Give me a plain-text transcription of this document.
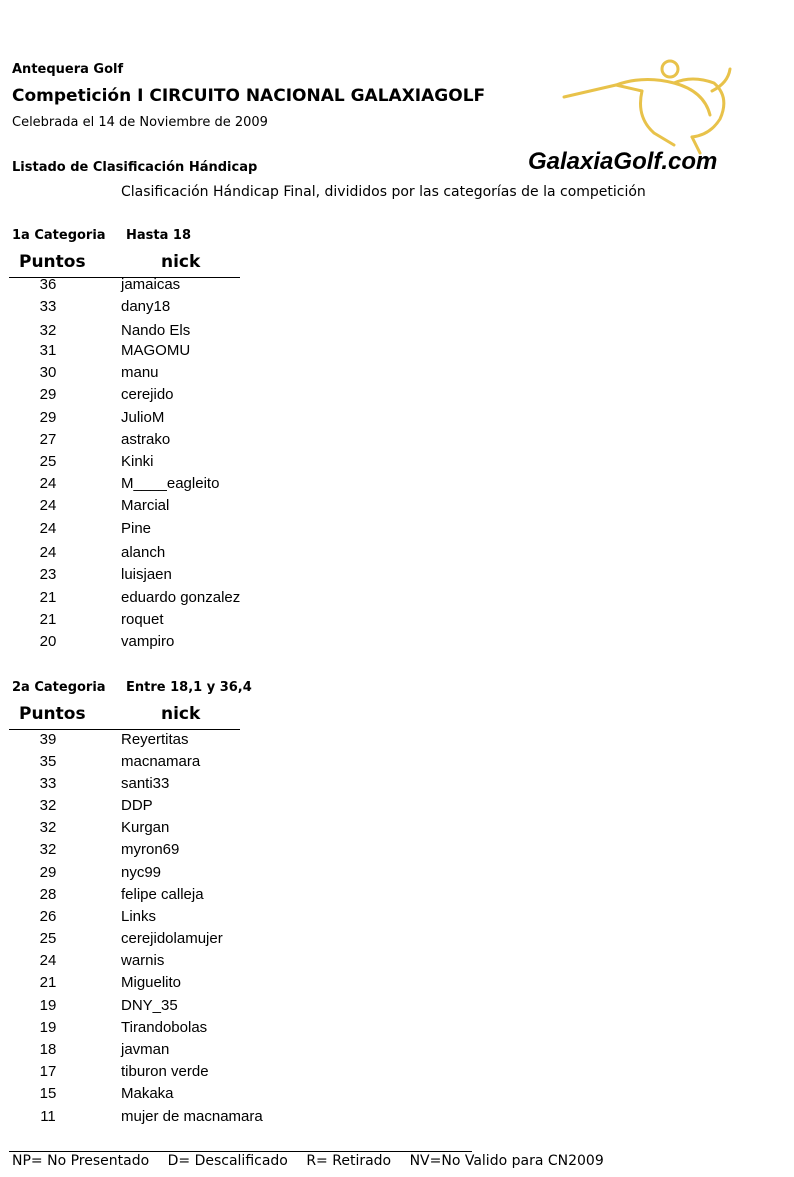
Antequera Golf
Competición I CIRCUITO NACIONAL GALAXIAGOLF
Celebrada el 14 de Noviembre de 2009
Listado de Clasificación Hándicap
Clasificación Hándicap Final, divididos por las categorías de la competición
GalaxiaGolf.com
1a Categoria Hasta 18
Puntos	nick
36	jamaicas
33	dany18
32	Nando Els
31	MAGOMU
30	manu
29	cerejido
29	JulioM
27	astrako
25	Kinki
24	M____eagleito
24	Marcial
24	Pine
24	alanch
23	luisjaen
21	eduardo gonzalez
21	roquet
20	vampiro
2a Categoria Entre 18,1 y 36,4
Puntos	nick
39	Reyertitas
35	macnamara
33	santi33
32	DDP
32	Kurgan
32	myron69
29	nyc99
28	felipe calleja
26	Links
25	cerejidolamujer
24	warnis
21	Miguelito
19	DNY_35
19	Tirandobolas
18	javman
17	tiburon verde
15	Makaka
11	mujer de macnamara
NP= No Presentado D= Descalificado R= Retirado NV=No Valido para CN2009
